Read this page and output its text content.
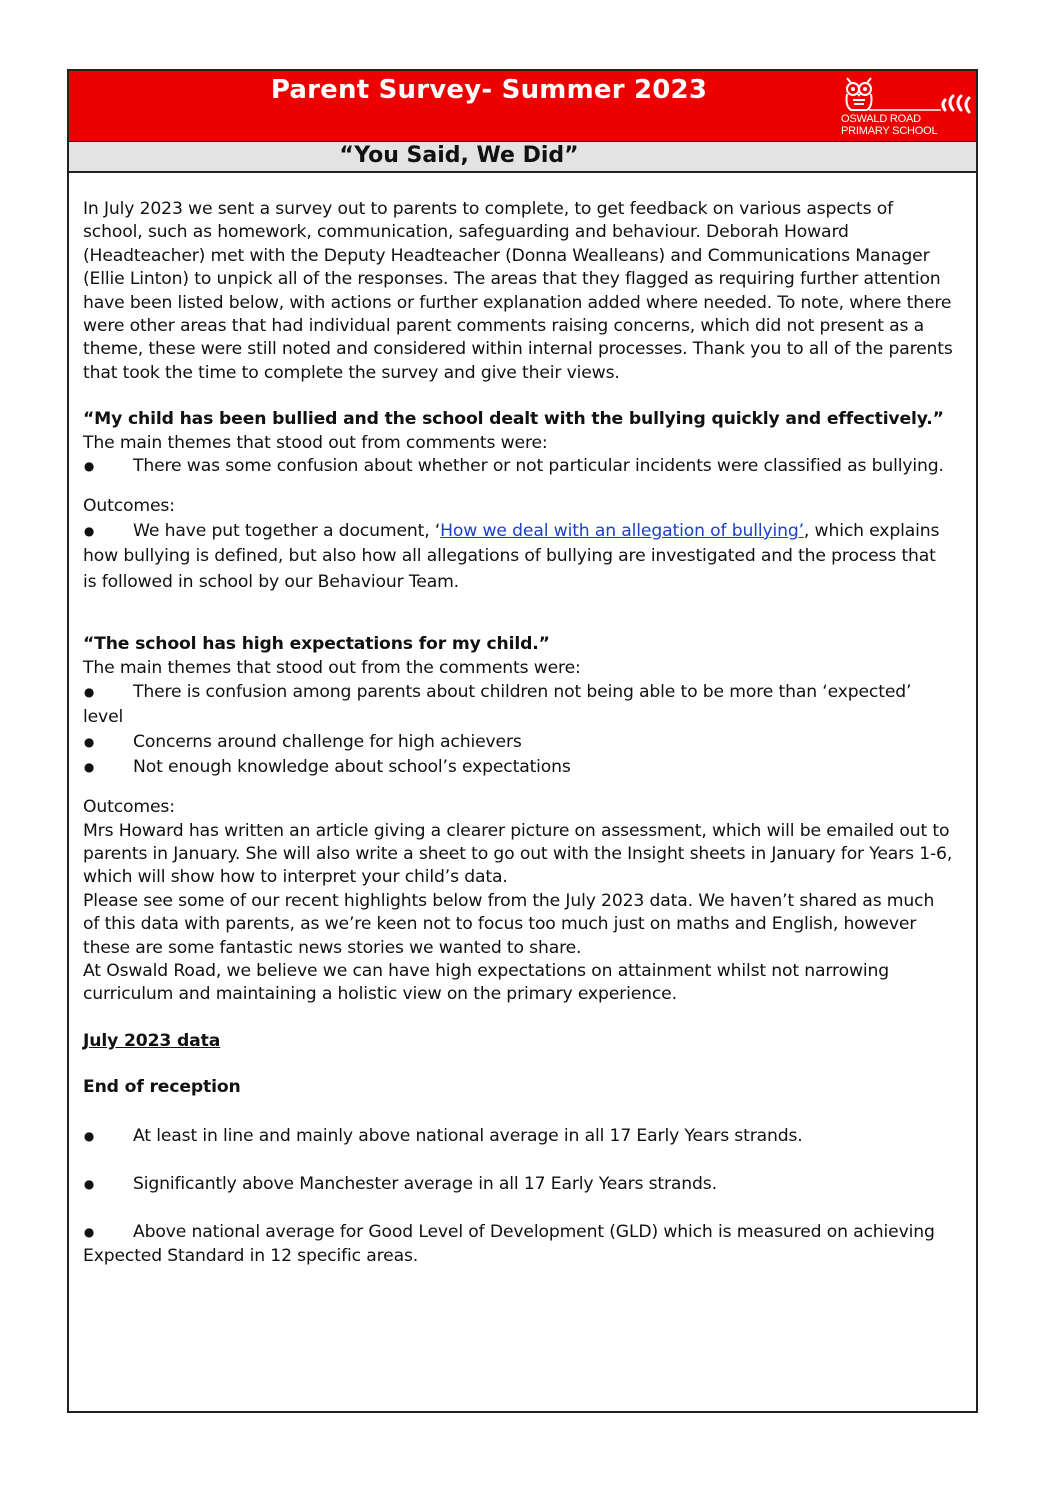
Parent Survey- Summer 2023
OSWALD ROAD
PRIMARY SCHOOL
“You Said, We Did”

In July 2023 we sent a survey out to parents to complete, to get feedback on various aspects of school, such as homework, communication, safeguarding and behaviour. Deborah Howard (Headteacher) met with the Deputy Headteacher (Donna Wealleans) and Communications Manager (Ellie Linton) to unpick all of the responses. The areas that they flagged as requiring further attention have been listed below, with actions or further explanation added where needed. To note, where there were other areas that had individual parent comments raising concerns, which did not present as a theme, these were still noted and considered within internal processes. Thank you to all of the parents that took the time to complete the survey and give their views.

“My child has been bullied and the school dealt with the bullying quickly and effectively.”

The main themes that stood out from comments were:

● There was some confusion about whether or not particular incidents were classified as bullying.

Outcomes:

● We have put together a document, ‘How we deal with an allegation of bullying’, which explains how bullying is defined, but also how all allegations of bullying are investigated and the process that is followed in school by our Behaviour Team.

“The school has high expectations for my child.”

The main themes that stood out from the comments were:

● There is confusion among parents about children not being able to be more than ‘expected’ level

● Concerns around challenge for high achievers

● Not enough knowledge about school’s expectations

Outcomes:

Mrs Howard has written an article giving a clearer picture on assessment, which will be emailed out to parents in January. She will also write a sheet to go out with the Insight sheets in January for Years 1-6, which will show how to interpret your child’s data.

Please see some of our recent highlights below from the July 2023 data. We haven’t shared as much of this data with parents, as we’re keen not to focus too much just on maths and English, however these are some fantastic news stories we wanted to share.

At Oswald Road, we believe we can have high expectations on attainment whilst not narrowing curriculum and maintaining a holistic view on the primary experience.

July 2023 data

End of reception

● At least in line and mainly above national average in all 17 Early Years strands.

● Significantly above Manchester average in all 17 Early Years strands.

● Above national average for Good Level of Development (GLD) which is measured on achieving Expected Standard in 12 specific areas.
